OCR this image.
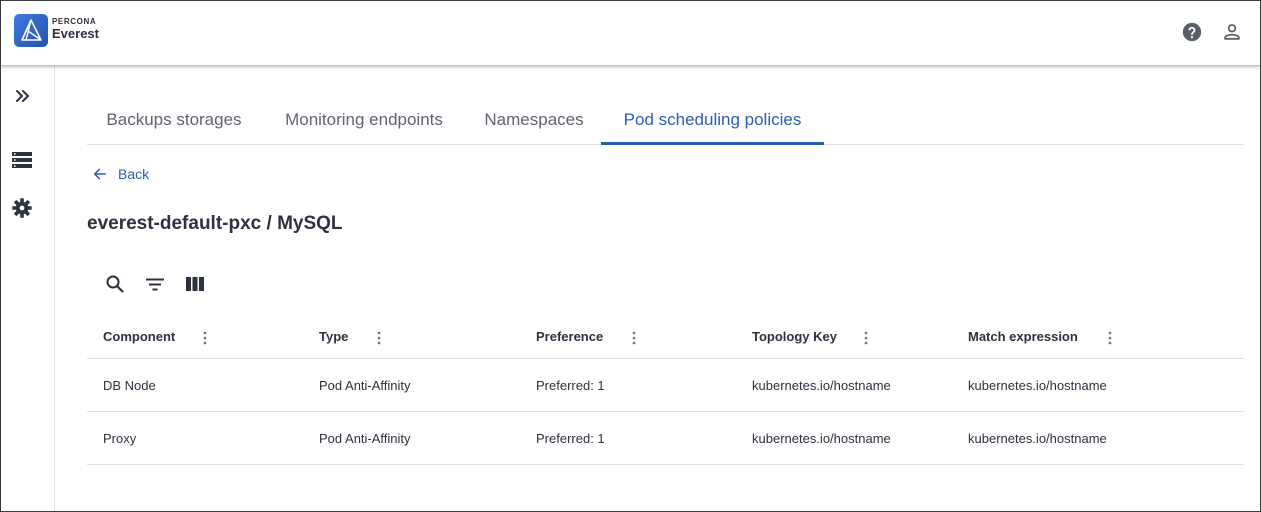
PERCONA
Everest
Backups storages	Monitoring endpoints	Namespaces	Pod scheduling policies
Back
everest-default-pxc / MySQL
Component	Type	Preference	Topology Key	Match expression
DB Node	Pod Anti-Affinity	Preferred: 1	kubernetes.io/hostname	kubernetes.io/hostname
Proxy	Pod Anti-Affinity	Preferred: 1	kubernetes.io/hostname	kubernetes.io/hostname
